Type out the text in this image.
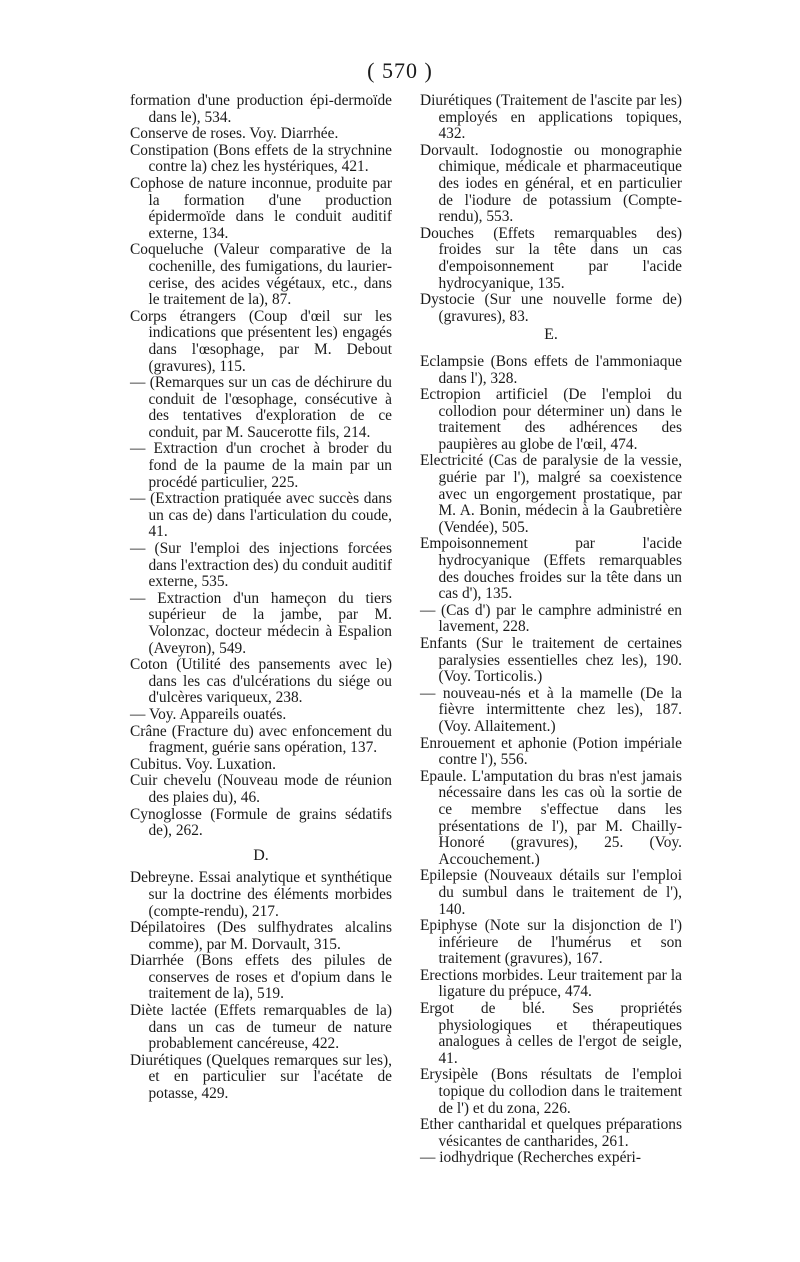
( 570 )

formation d'une production épi-dermoïde dans le), 534.

Conserve de roses. Voy. Diarrhée.

Constipation (Bons effets de la strychnine contre la) chez les hystériques, 421.

Cophose de nature inconnue, produite par la formation d'une production épidermoïde dans le conduit auditif externe, 134.

Coqueluche (Valeur comparative de la cochenille, des fumigations, du laurier-cerise, des acides végétaux, etc., dans le traitement de la), 87.

Corps étrangers (Coup d'œil sur les indications que présentent les) engagés dans l'œsophage, par M. Debout (gravures), 115.

— (Remarques sur un cas de déchirure du conduit de l'œsophage, consécutive à des tentatives d'exploration de ce conduit, par M. Saucerotte fils, 214.

— Extraction d'un crochet à broder du fond de la paume de la main par un procédé particulier, 225.

— (Extraction pratiquée avec succès dans un cas de) dans l'articulation du coude, 41.

— (Sur l'emploi des injections forcées dans l'extraction des) du conduit auditif externe, 535.

— Extraction d'un hameçon du tiers supérieur de la jambe, par M. Volonzac, docteur médecin à Espalion (Aveyron), 549.

Coton (Utilité des pansements avec le) dans les cas d'ulcérations du siége ou d'ulcères variqueux, 238.

— Voy. Appareils ouatés.

Crâne (Fracture du) avec enfoncement du fragment, guérie sans opération, 137.

Cubitus. Voy. Luxation.

Cuir chevelu (Nouveau mode de réunion des plaies du), 46.

Cynoglosse (Formule de grains sédatifs de), 262.

D.

Debreyne. Essai analytique et synthétique sur la doctrine des éléments morbides (compte-rendu), 217.

Dépilatoires (Des sulfhydrates alcalins comme), par M. Dorvault, 315.

Diarrhée (Bons effets des pilules de conserves de roses et d'opium dans le traitement de la), 519.

Diète lactée (Effets remarquables de la) dans un cas de tumeur de nature probablement cancéreuse, 422.

Diurétiques (Quelques remarques sur les), et en particulier sur l'acétate de potasse, 429.

Diurétiques (Traitement de l'ascite par les) employés en applications topiques, 432.

Dorvault. Iodognostie ou monographie chimique, médicale et pharmaceutique des iodes en général, et en particulier de l'iodure de potassium (Compte-rendu), 553.

Douches (Effets remarquables des) froides sur la tête dans un cas d'empoisonnement par l'acide hydrocyanique, 135.

Dystocie (Sur une nouvelle forme de) (gravures), 83.

E.

Eclampsie (Bons effets de l'ammoniaque dans l'), 328.

Ectropion artificiel (De l'emploi du collodion pour déterminer un) dans le traitement des adhérences des paupières au globe de l'œil, 474.

Electricité (Cas de paralysie de la vessie, guérie par l'), malgré sa coexistence avec un engorgement prostatique, par M. A. Bonin, médecin à la Gaubretière (Vendée), 505.

Empoisonnement par l'acide hydrocyanique (Effets remarquables des douches froides sur la tête dans un cas d'), 135.

— (Cas d') par le camphre administré en lavement, 228.

Enfants (Sur le traitement de certaines paralysies essentielles chez les), 190. (Voy. Torticolis.)

— nouveau-nés et à la mamelle (De la fièvre intermittente chez les), 187. (Voy. Allaitement.)

Enrouement et aphonie (Potion impériale contre l'), 556.

Epaule. L'amputation du bras n'est jamais nécessaire dans les cas où la sortie de ce membre s'effectue dans les présentations de l'), par M. Chailly-Honoré (gravures), 25. (Voy. Accouchement.)

Epilepsie (Nouveaux détails sur l'emploi du sumbul dans le traitement de l'), 140.

Epiphyse (Note sur la disjonction de l') inférieure de l'humérus et son traitement (gravures), 167.

Erections morbides. Leur traitement par la ligature du prépuce, 474.

Ergot de blé. Ses propriétés physiologiques et thérapeutiques analogues à celles de l'ergot de seigle, 41.

Erysipèle (Bons résultats de l'emploi topique du collodion dans le traitement de l') et du zona, 226.

Ether cantharidal et quelques préparations vésicantes de cantharides, 261.

— iodhydrique (Recherches expéri-
